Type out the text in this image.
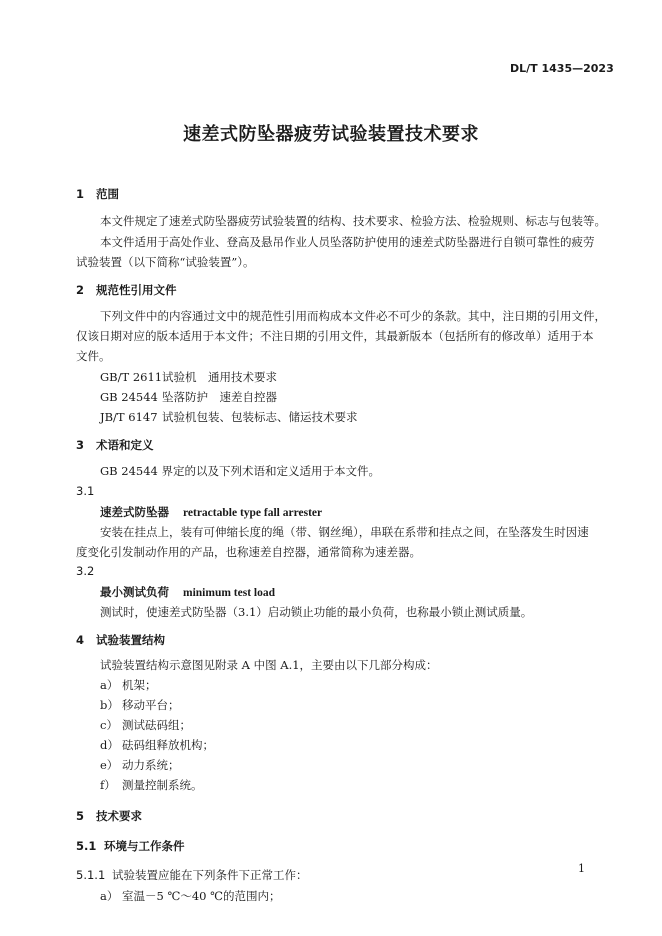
DL/T 1435—2023
速差式防坠器疲劳试验装置技术要求
1 范围
本文件规定了速差式防坠器疲劳试验装置的结构、技术要求、检验方法、检验规则、标志与包装等。
本文件适用于高处作业、登高及悬吊作业人员坠落防护使用的速差式防坠器进行自锁可靠性的疲劳
试验装置（以下简称“试验装置”）。
2 规范性引用文件
下列文件中的内容通过文中的规范性引用而构成本文件必不可少的条款。其中，注日期的引用文件，
仅该日期对应的版本适用于本文件；不注日期的引用文件，其最新版本（包括所有的修改单）适用于本
文件。
GB/T 2611试验机　通用技术要求
GB 24544 坠落防护　速差自控器
JB/T 6147 试验机包装、包装标志、储运技术要求
3 术语和定义
GB 24544 界定的以及下列术语和定义适用于本文件。
3.1
速差式防坠器 retractable type fall arrester
安装在挂点上，装有可伸缩长度的绳（带、钢丝绳），串联在系带和挂点之间，在坠落发生时因速
度变化引发制动作用的产品，也称速差自控器，通常简称为速差器。
3.2
最小测试负荷 minimum test load
测试时，使速差式防坠器（3.1）启动锁止功能的最小负荷，也称最小锁止测试质量。
4 试验装置结构
试验装置结构示意图见附录 A 中图 A.1，主要由以下几部分构成：
a） 机架；
b） 移动平台；
c） 测试砝码组；
d） 砝码组释放机构；
e） 动力系统；
f） 测量控制系统。
5 技术要求
5.1 环境与工作条件
5.1.1 试验装置应能在下列条件下正常工作：
a） 室温－5 ℃～40 ℃的范围内；
1
